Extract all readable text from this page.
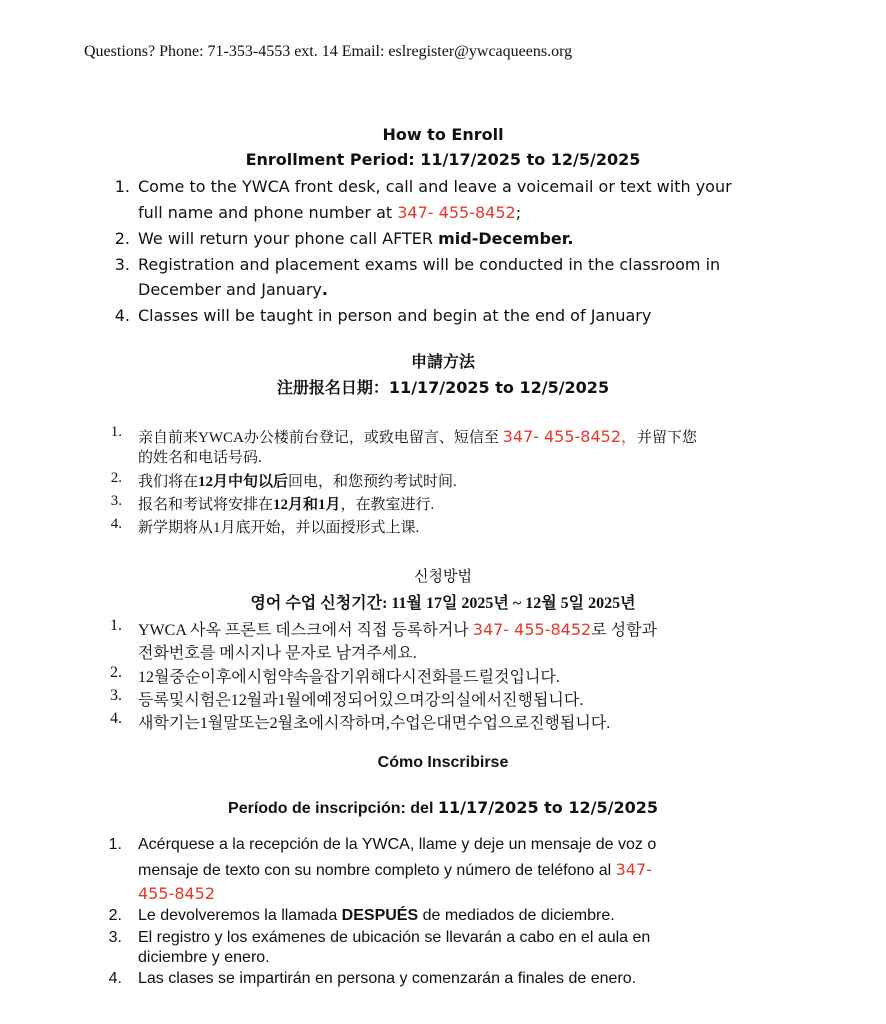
Questions? Phone: 71-353-4553 ext. 14 Email: eslregister@ywcaqueens.org
How to Enroll
Enrollment Period: 11/17/2025 to 12/5/2025
1. Come to the YWCA front desk, call and leave a voicemail or text with your
full name and phone number at 347- 455-8452;
2. We will return your phone call AFTER mid-December.
3. Registration and placement exams will be conducted in the classroom in
December and January.
4. Classes will be taught in person and begin at the end of January
申請方法
注册报名日期：11/17/2025 to 12/5/2025
1. 亲自前来YWCA办公楼前台登记，或致电留言、短信至 347- 455-8452，并留下您
的姓名和电话号码.
2. 我们将在12月中旬以后回电，和您预约考试时间.
3. 报名和考试将安排在12月和1月，在教室进行.
4. 新学期将从1月底开始，并以面授形式上课.
신청방법
영어 수업 신청기간: 11월 17일 2025년 ~ 12월 5일 2025년
1. YWCA 사옥 프론트 데스크에서 직접 등록하거나 347- 455-8452로 성함과
전화번호를 메시지나 문자로 남겨주세요.
2. 12월중순이후에시험약속을잡기위해다시전화를드릴것입니다.
3. 등록및시험은12월과1월에예정되어있으며강의실에서진행됩니다.
4. 새학기는1월말또는2월초에시작하며,수업은대면수업으로진행됩니다.
Cómo Inscribirse
Período de inscripción: del 11/17/2025 to 12/5/2025
1. Acérquese a la recepción de la YWCA, llame y deje un mensaje de voz o
mensaje de texto con su nombre completo y número de teléfono al 347-
455-8452
2. Le devolveremos la llamada DESPUÉS de mediados de diciembre.
3. El registro y los exámenes de ubicación se llevarán a cabo en el aula en
diciembre y enero.
4. Las clases se impartirán en persona y comenzarán a finales de enero.
